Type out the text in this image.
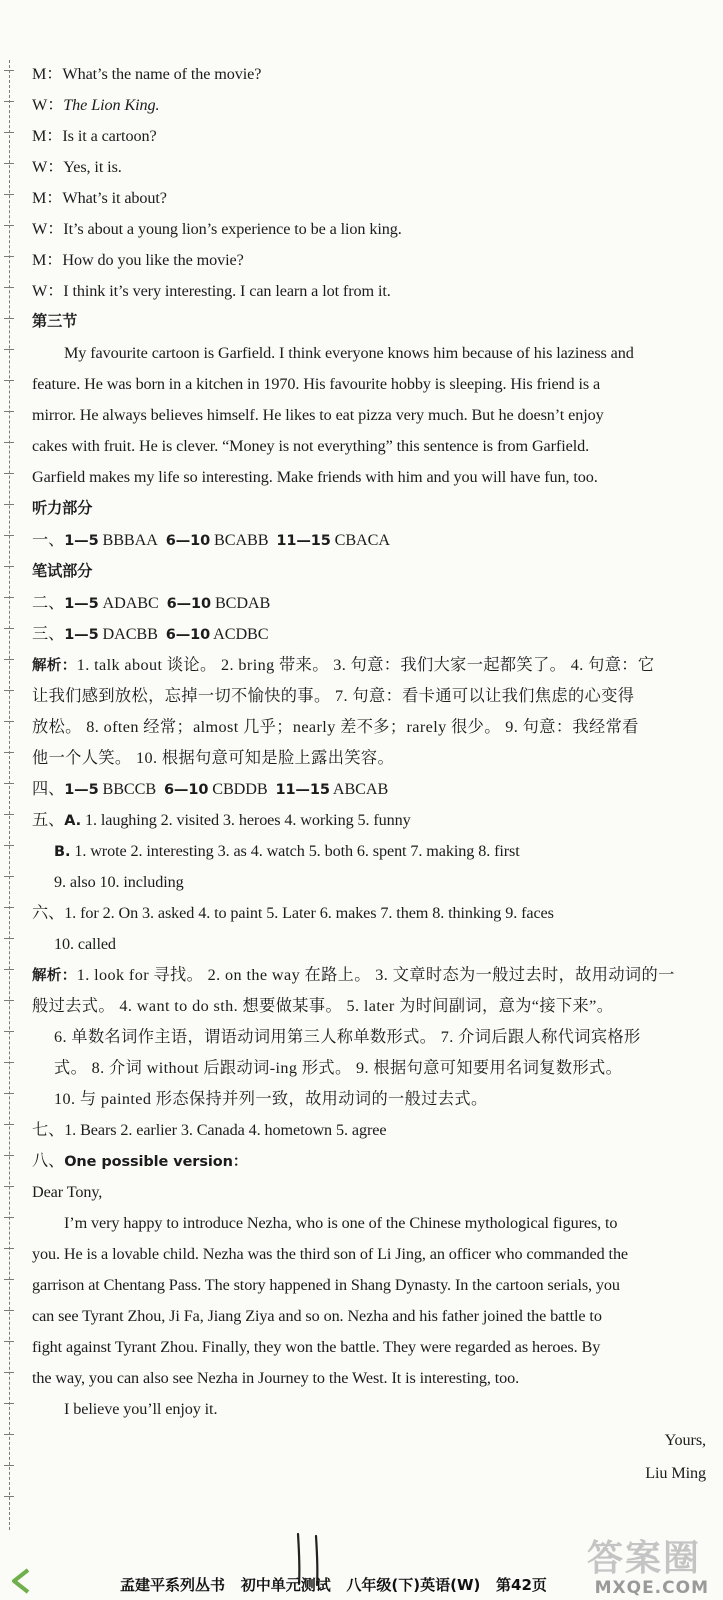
M：What’s the name of the movie?
W：The Lion King.
M：Is it a cartoon?
W：Yes, it is.
M：What’s it about?
W：It’s about a young lion’s experience to be a lion king.
M：How do you like the movie?
W：I think it’s very interesting. I can learn a lot from it.
第三节
My favourite cartoon is Garfield. I think everyone knows him because of his laziness and
feature. He was born in a kitchen in 1970. His favourite hobby is sleeping. His friend is a
mirror. He always believes himself. He likes to eat pizza very much. But he doesn’t enjoy
cakes with fruit. He is clever. “Money is not everything” this sentence is from Garfield.
Garfield makes my life so interesting. Make friends with him and you will have fun, too.
听力部分
一、1—5 BBBAA 6—10 BCABB 11—15 CBACA
笔试部分
二、1—5 ADABC 6—10 BCDAB
三、1—5 DACBB 6—10 ACDBC
解析：1. talk about 谈论。 2. bring 带来。 3. 句意：我们大家一起都笑了。 4. 句意：它
让我们感到放松，忘掉一切不愉快的事。 7. 句意：看卡通可以让我们焦虑的心变得
放松。 8. often 经常；almost 几乎；nearly 差不多；rarely 很少。 9. 句意：我经常看
他一个人笑。 10. 根据句意可知是脸上露出笑容。
四、1—5 BBCCB 6—10 CBDDB 11—15 ABCAB
五、A. 1. laughing 2. visited 3. heroes 4. working 5. funny
B. 1. wrote 2. interesting 3. as 4. watch 5. both 6. spent 7. making 8. first
9. also 10. including
六、1. for 2. On 3. asked 4. to paint 5. Later 6. makes 7. them 8. thinking 9. faces
10. called
解析：1. look for 寻找。 2. on the way 在路上。 3. 文章时态为一般过去时，故用动词的一
般过去式。 4. want to do sth. 想要做某事。 5. later 为时间副词，意为“接下来”。
6. 单数名词作主语，谓语动词用第三人称单数形式。 7. 介词后跟人称代词宾格形
式。 8. 介词 without 后跟动词-ing 形式。 9. 根据句意可知要用名词复数形式。
10. 与 painted 形态保持并列一致，故用动词的一般过去式。
七、1. Bears 2. earlier 3. Canada 4. hometown 5. agree
八、One possible version：
Dear Tony,
I’m very happy to introduce Nezha, who is one of the Chinese mythological figures, to
you. He is a lovable child. Nezha was the third son of Li Jing, an officer who commanded the
garrison at Chentang Pass. The story happened in Shang Dynasty. In the cartoon serials, you
can see Tyrant Zhou, Ji Fa, Jiang Ziya and so on. Nezha and his father joined the battle to
fight against Tyrant Zhou. Finally, they won the battle. They were regarded as heroes. By
the way, you can also see Nezha in Journey to the West. It is interesting, too.
I believe you’ll enjoy it.
Yours,
Liu Ming
答案圈
MXQE.COM
孟建平系列丛书 初中单元测试 八年级(下)英语(W) 第42页
